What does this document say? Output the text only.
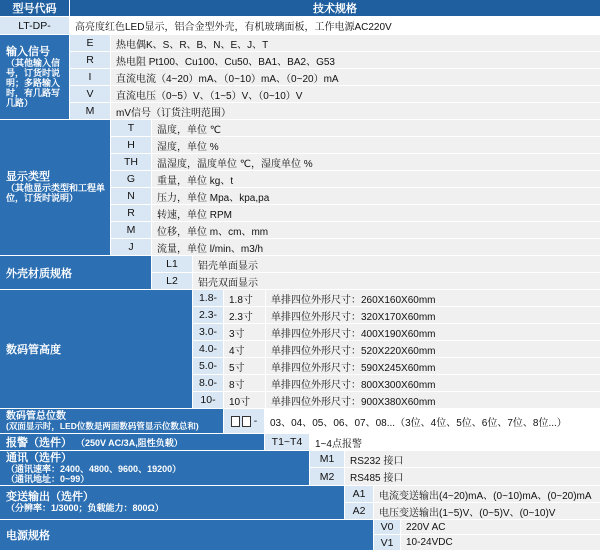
型号代码	技术规格
LT-DP-	高亮度红色LED显示，铝合金型外壳，有机玻璃面板，工作电源AC220V
输入信号
（其他输入信号，订货时说明；多路输入时，有几路写几路）
E	热电偶K、S、R、B、N、E、J、T
R	热电阻 Pt100、Cu100、Cu50、BA1、BA2、G53
I	直流电流（4~20）mA、（0~10）mA、（0~20）mA
V	直流电压（0~5）V、（1~5）V、（0~10）V
M	mV信号（订货注明范围）
显示类型
（其他显示类型和工程单位，订货时说明）
T	温度，单位 ℃
H	湿度，单位 %
TH	温湿度，温度单位 ℃，湿度单位 %
G	重量，单位 kg、t
N	压力，单位 Mpa、kpa,pa
R	转速，单位 RPM
M	位移，单位 m、cm、mm
J	流量，单位 l/min、m3/h
外壳材质规格
L1	铝壳单面显示
L2	铝壳双面显示
数码管高度
1.8-	1.8寸	单排四位外形尺寸：260X160X60mm
2.3-	2.3寸	单排四位外形尺寸：320X170X60mm
3.0-	3寸	单排四位外形尺寸：400X190X60mm
4.0-	4寸	单排四位外形尺寸：520X220X60mm
5.0-	5寸	单排四位外形尺寸：590X245X60mm
8.0-	8寸	单排四位外形尺寸：800X300X60mm
10-	10寸	单排四位外形尺寸：900X380X60mm
数码管总位数
(双面显示时，LED位数是两面数码管显示位数总和)	-	03、04、05、06、07、08...（3位、4位、5位、6位、7位、8位...）
报警（选件） （250V AC/3A,阻性负载）	T1~T4	1~4点报警
通讯（选件）
（通讯速率：2400、4800、9600、19200）
（通讯地址：0~99）
M1	RS232 接口
M2	RS485 接口
变送输出（选件）
（分辨率：1/3000；负载能力：800Ω）
A1	电流变送输出(4~20)mA、(0~10)mA、(0~20)mA
A2	电压变送输出(1~5)V、(0~5)V、(0~10)V
电源规格
V0	220V AC
V1	10-24VDC
